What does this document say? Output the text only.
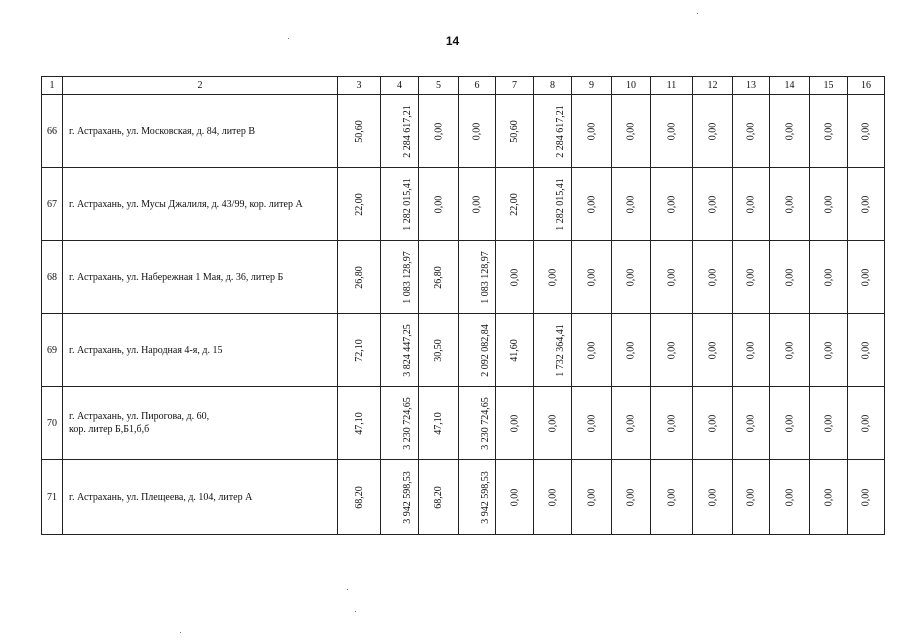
14
1	2	3	4	5	6	7	8	9	10	11	12	13	14	15	16
66	г. Астрахань, ул. Московская, д. 84, литер В	50,60	2 284 617,21	0,00	0,00	50,60	2 284 617,21	0,00	0,00	0,00	0,00	0,00	0,00	0,00	0,00
67	г. Астрахань, ул. Мусы Джалиля, д. 43/99, кор. литер А	22,00	1 282 015,41	0,00	0,00	22,00	1 282 015,41	0,00	0,00	0,00	0,00	0,00	0,00	0,00	0,00
68	г. Астрахань, ул. Набережная 1 Мая, д. 36, литер Б	26,80	1 083 128,97	26,80	1 083 128,97	0,00	0,00	0,00	0,00	0,00	0,00	0,00	0,00	0,00	0,00
69	г. Астрахань, ул. Народная 4-я, д. 15	72,10	3 824 447,25	30,50	2 092 082,84	41,60	1 732 364,41	0,00	0,00	0,00	0,00	0,00	0,00	0,00	0,00
70	г. Астрахань, ул. Пирогова, д. 60,
кор. литер Б,Б1,б,б	47,10	3 230 724,65	47,10	3 230 724,65	0,00	0,00	0,00	0,00	0,00	0,00	0,00	0,00	0,00	0,00
71	г. Астрахань, ул. Плещеева, д. 104, литер А	68,20	3 942 598,53	68,20	3 942 598,53	0,00	0,00	0,00	0,00	0,00	0,00	0,00	0,00	0,00	0,00
